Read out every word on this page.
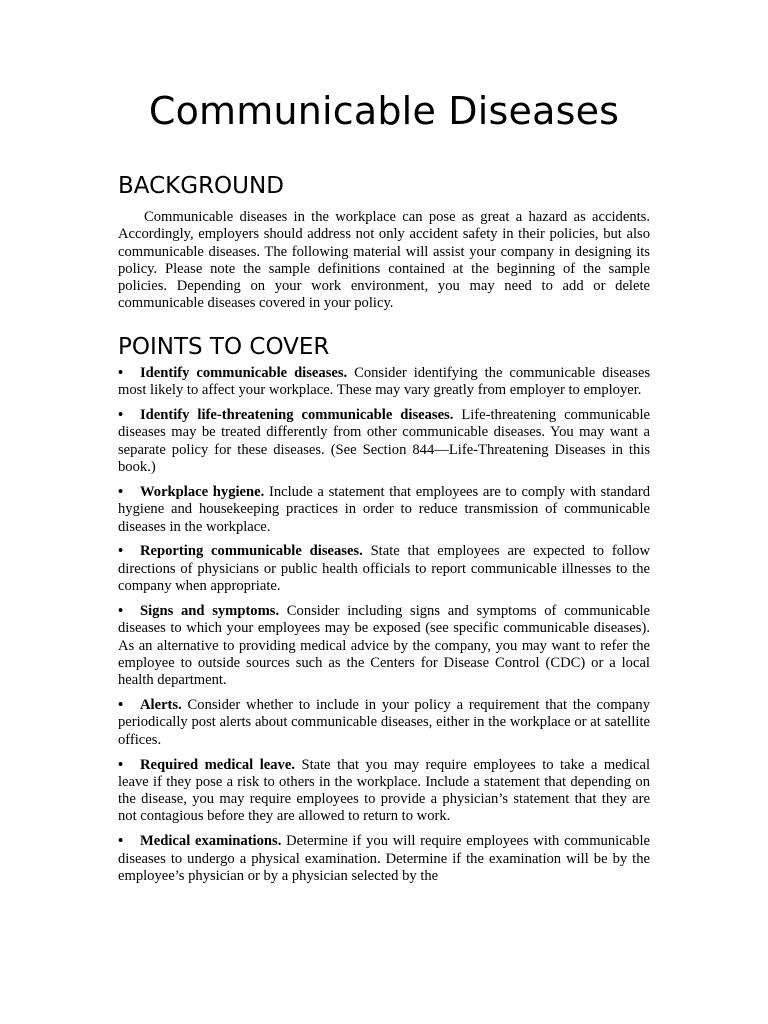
Communicable Diseases
BACKGROUND

Communicable diseases in the workplace can pose as great a hazard as accidents. Accordingly, employers should address not only accident safety in their policies, but also communicable diseases. The following material will assist your company in designing its policy. Please note the sample definitions contained at the beginning of the sample policies. Depending on your work environment, you may need to add or delete communicable diseases covered in your policy.

POINTS TO COVER
• Identify communicable diseases. Consider identifying the communicable diseases most likely to affect your workplace. These may vary greatly from employer to employer.
• Identify life-threatening communicable diseases. Life-threatening communicable diseases may be treated differently from other communicable diseases. You may want a separate policy for these diseases. (See Section 844—Life-Threatening Diseases in this book.)
• Workplace hygiene. Include a statement that employees are to comply with standard hygiene and housekeeping practices in order to reduce transmission of communicable diseases in the workplace.
• Reporting communicable diseases. State that employees are expected to follow directions of physicians or public health officials to report communicable illnesses to the company when appropriate.
• Signs and symptoms. Consider including signs and symptoms of communicable diseases to which your employees may be exposed (see specific communicable diseases). As an alternative to providing medical advice by the company, you may want to refer the employee to outside sources such as the Centers for Disease Control (CDC) or a local health department.
• Alerts. Consider whether to include in your policy a requirement that the company periodically post alerts about communicable diseases, either in the workplace or at satellite offices.
• Required medical leave. State that you may require employees to take a medical leave if they pose a risk to others in the workplace. Include a statement that depending on the disease, you may require employees to provide a physician’s statement that they are not contagious before they are allowed to return to work.
• Medical examinations. Determine if you will require employees with communicable diseases to undergo a physical examination. Determine if the examination will be by the employee’s physician or by a physician selected by the
